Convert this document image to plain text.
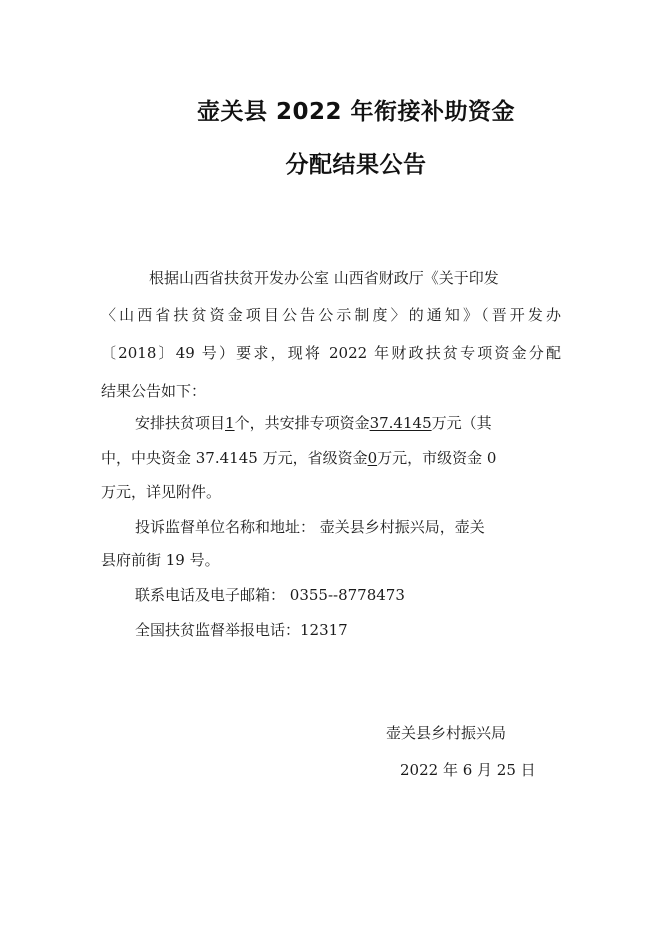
壶关县 2022 年衔接补助资金
分配结果公告
根据山西省扶贫开发办公室 山西省财政厅《关于印发
〈山西省扶贫资金项目公告公示制度〉的通知》（晋开发办
〔2018〕49 号）要求，现将 2022 年财政扶贫专项资金分配
结果公告如下：
安排扶贫项目1个，共安排专项资金37.4145万元（其
中，中央资金 37.4145 万元，省级资金0万元，市级资金 0
万元，详见附件。
投诉监督单位名称和地址： 壶关县乡村振兴局，壶关
县府前街 19 号。
联系电话及电子邮箱： 0355--8778473
全国扶贫监督举报电话：12317
壶关县乡村振兴局
2022 年 6 月 25 日
